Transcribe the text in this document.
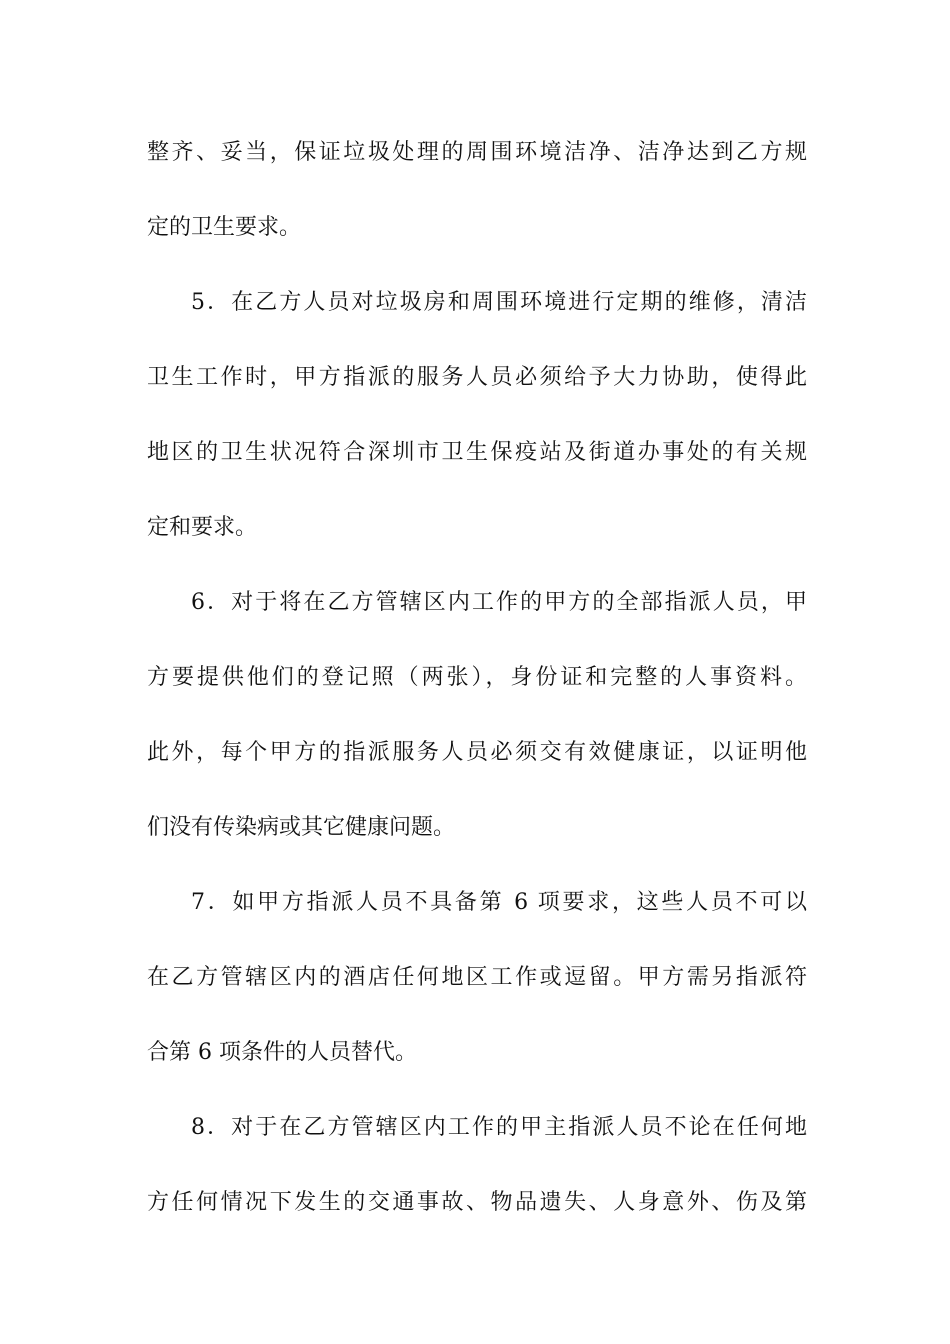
整齐、妥当，保证垃圾处理的周围环境洁净、洁净达到乙方规
定的卫生要求。
5．在乙方人员对垃圾房和周围环境进行定期的维修，清洁
卫生工作时，甲方指派的服务人员必须给予大力协助，使得此
地区的卫生状况符合深圳市卫生保疫站及街道办事处的有关规
定和要求。
6．对于将在乙方管辖区内工作的甲方的全部指派人员，甲
方要提供他们的登记照（两张），身份证和完整的人事资料。
此外，每个甲方的指派服务人员必须交有效健康证，以证明他
们没有传染病或其它健康问题。
7．如甲方指派人员不具备第 6 项要求，这些人员不可以
在乙方管辖区内的酒店任何地区工作或逗留。甲方需另指派符
合第 6 项条件的人员替代。
8．对于在乙方管辖区内工作的甲主指派人员不论在任何地
方任何情况下发生的交通事故、物品遗失、人身意外、伤及第
